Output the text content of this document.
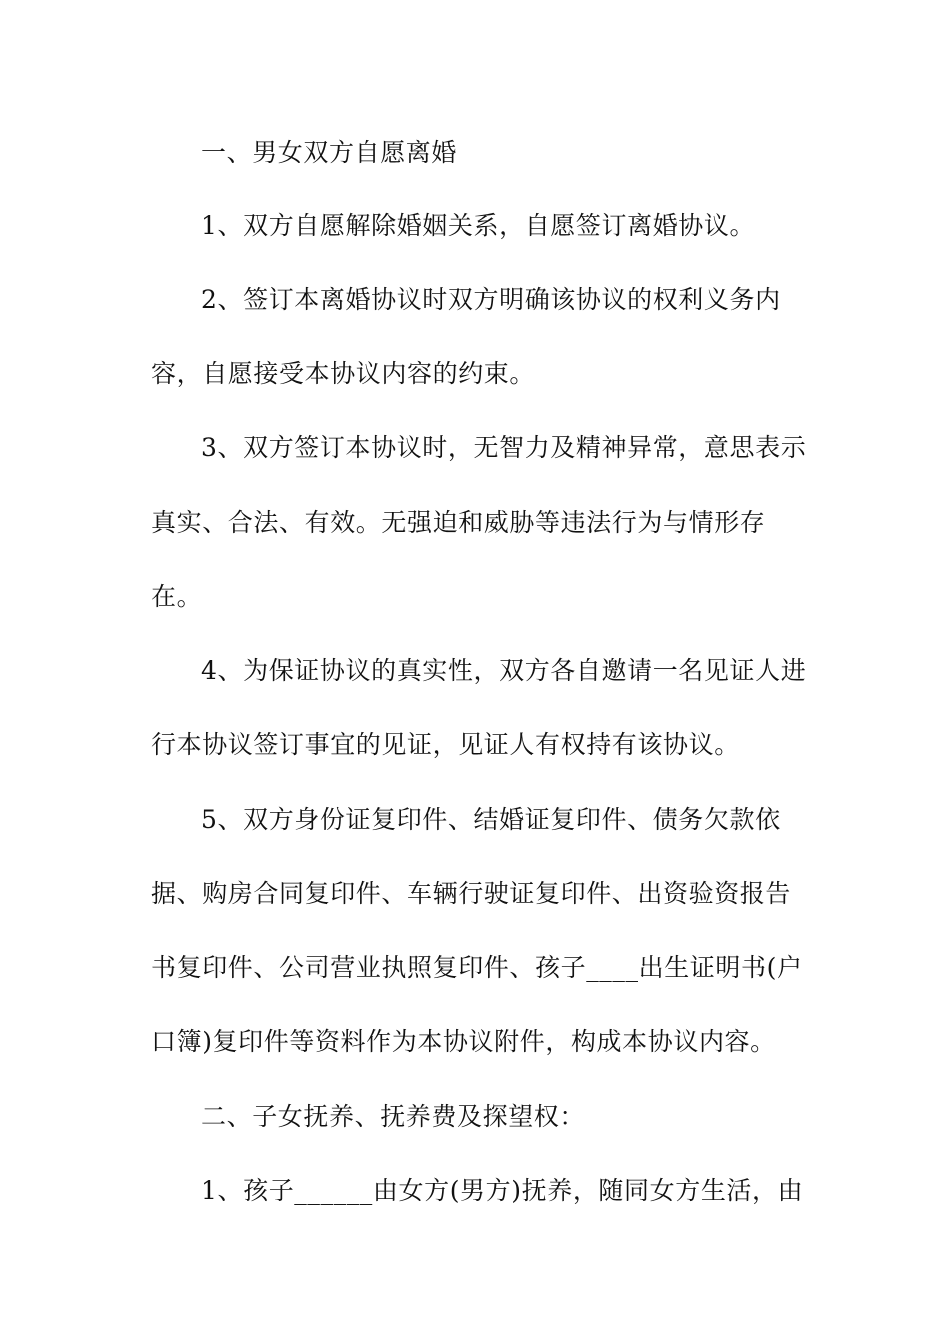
一、男女双方自愿离婚
1、双方自愿解除婚姻关系，自愿签订离婚协议。
2、签订本离婚协议时双方明确该协议的权利义务内
容，自愿接受本协议内容的约束。
3、双方签订本协议时，无智力及精神异常，意思表示
真实、合法、有效。无强迫和威胁等违法行为与情形存
在。
4、为保证协议的真实性，双方各自邀请一名见证人进
行本协议签订事宜的见证，见证人有权持有该协议。
5、双方身份证复印件、结婚证复印件、债务欠款依
据、购房合同复印件、车辆行驶证复印件、出资验资报告
书复印件、公司营业执照复印件、孩子____出生证明书(户
口簿)复印件等资料作为本协议附件，构成本协议内容。
二、子女抚养、抚养费及探望权：
1、孩子______由女方(男方)抚养，随同女方生活，由
